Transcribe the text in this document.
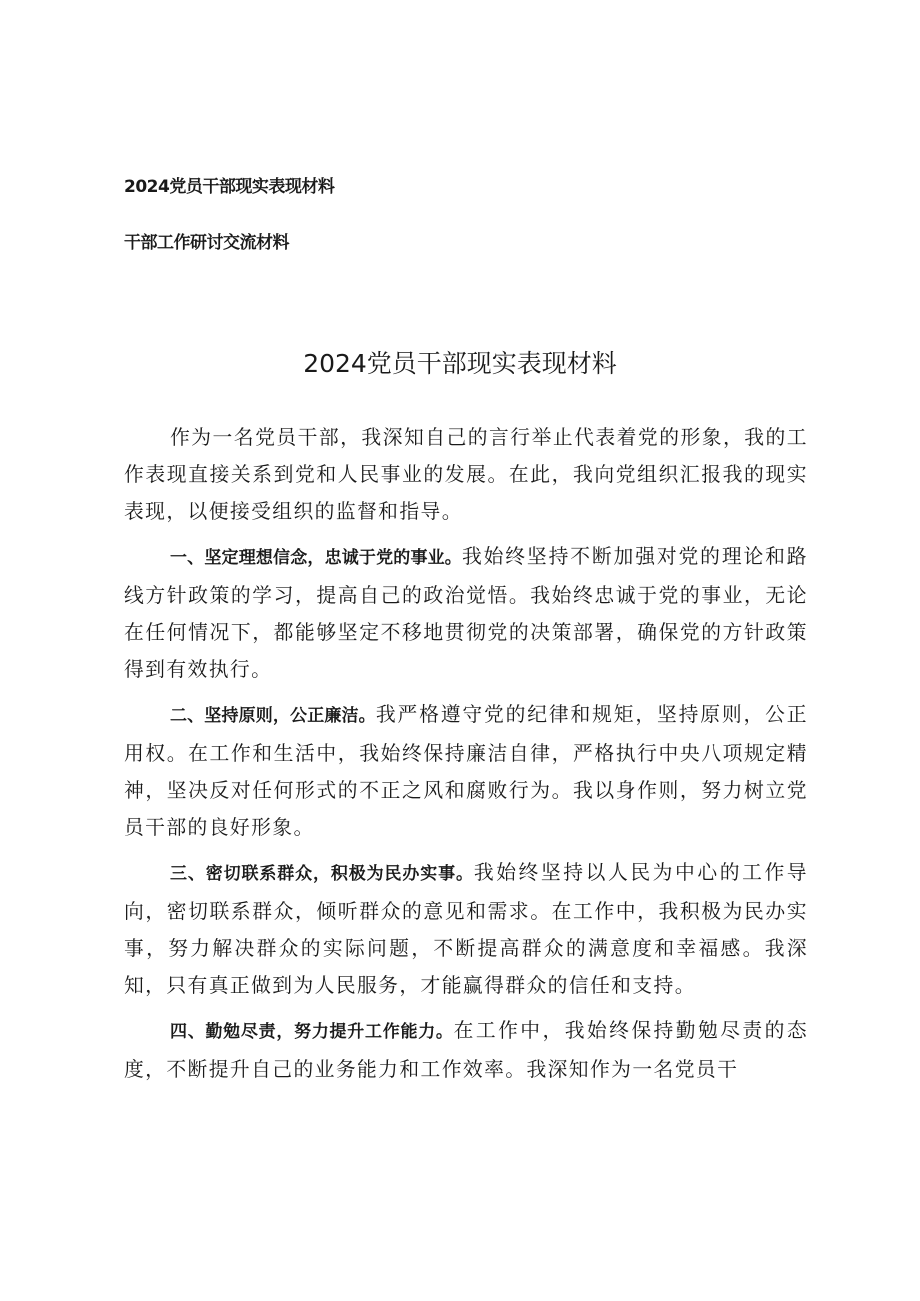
2024党员干部现实表现材料
干部工作研讨交流材料
2024党员干部现实表现材料

作为一名党员干部，我深知自己的言行举止代表着党的形象，我的工作表现直接关系到党和人民事业的发展。在此，我向党组织汇报我的现实表现，以便接受组织的监督和指导。

一、坚定理想信念，忠诚于党的事业。我始终坚持不断加强对党的理论和路线方针政策的学习，提高自己的政治觉悟。我始终忠诚于党的事业，无论在任何情况下，都能够坚定不移地贯彻党的决策部署，确保党的方针政策得到有效执行。

二、坚持原则，公正廉洁。我严格遵守党的纪律和规矩，坚持原则，公正用权。在工作和生活中，我始终保持廉洁自律，严格执行中央八项规定精神，坚决反对任何形式的不正之风和腐败行为。我以身作则，努力树立党员干部的良好形象。

三、密切联系群众，积极为民办实事。我始终坚持以人民为中心的工作导向，密切联系群众，倾听群众的意见和需求。在工作中，我积极为民办实事，努力解决群众的实际问题，不断提高群众的满意度和幸福感。我深知，只有真正做到为人民服务，才能赢得群众的信任和支持。

四、勤勉尽责，努力提升工作能力。在工作中，我始终保持勤勉尽责的态度，不断提升自己的业务能力和工作效率。我深知作为一名党员干
